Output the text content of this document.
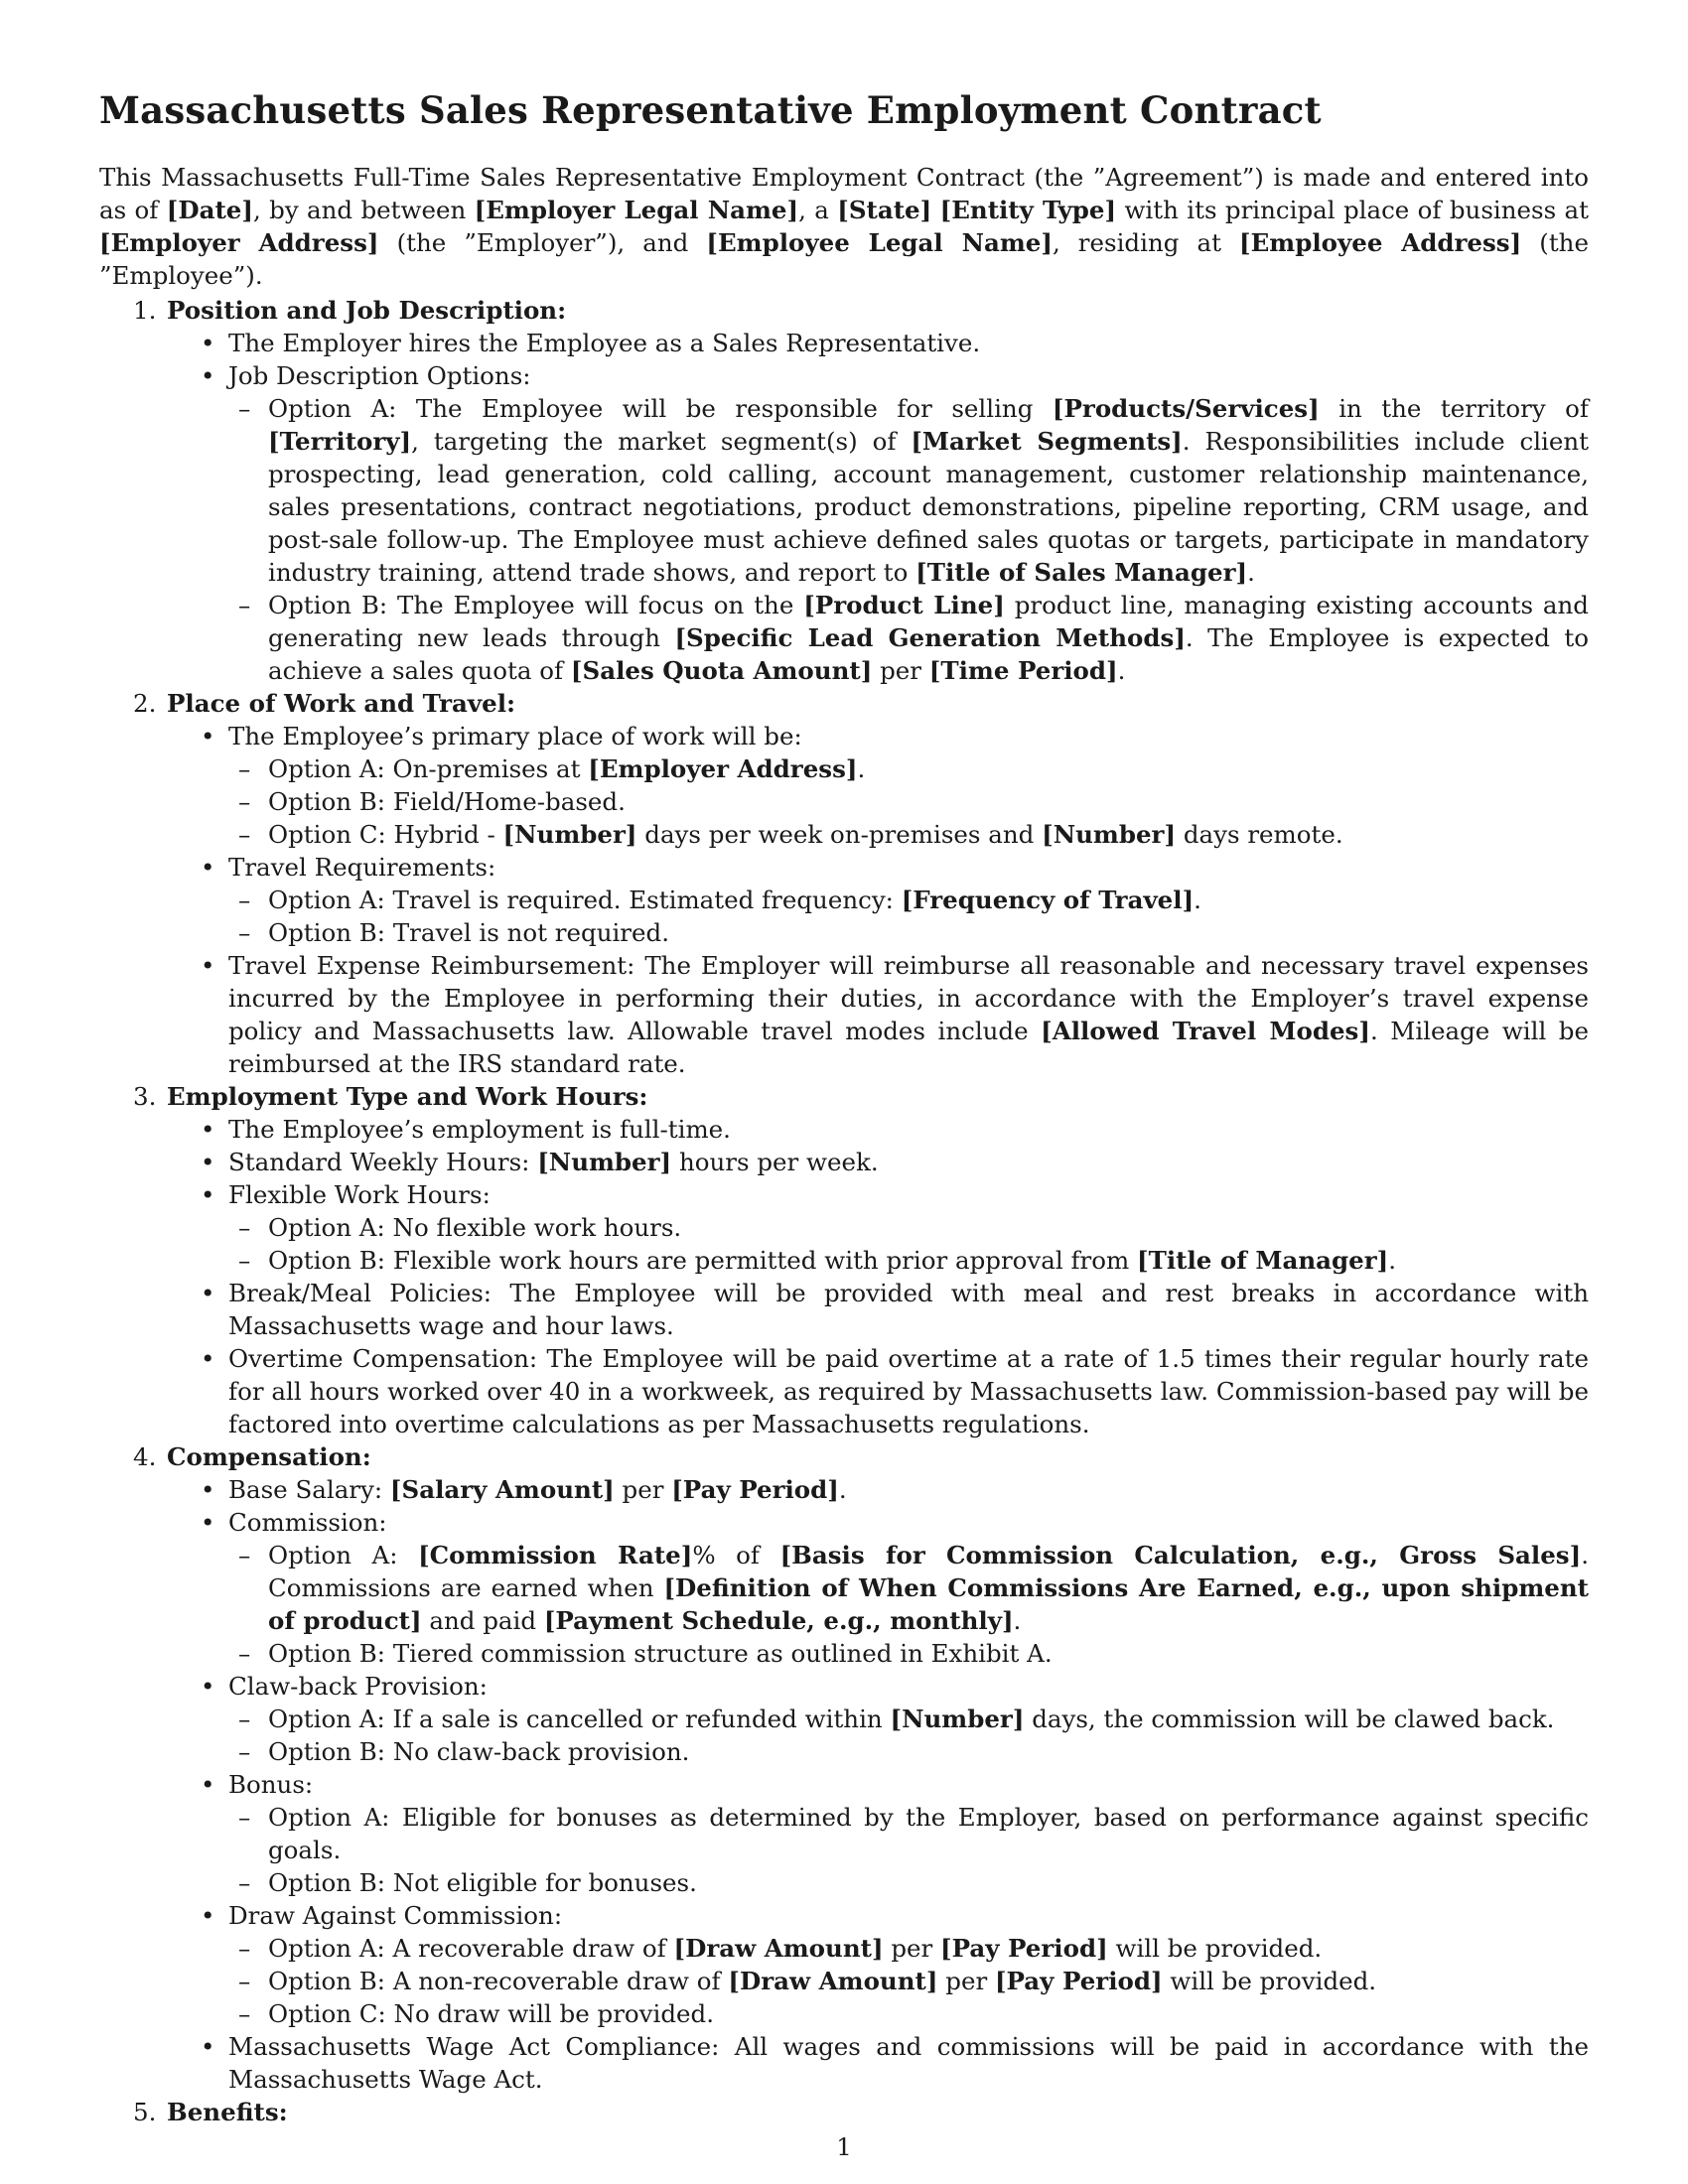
Massachusetts Sales Representative Employment Contract

This Massachusetts Full-Time Sales Representative Employment Contract (the ”Agreement”) is made and entered into as of [Date], by and between [Employer Legal Name], a [State] [Entity Type] with its principal place of business at [Employer Address] (the ”Employer”), and [Employee Legal Name], residing at [Employee Address] (the ”Employee”).

1. Position and Job Description:
• The Employer hires the Employee as a Sales Representative.
• Job Description Options:
– Option A: The Employee will be responsible for selling [Products/Services] in the territory of [Territory], targeting the market segment(s) of [Market Segments]. Responsibilities include client prospecting, lead generation, cold calling, account management, customer relationship maintenance, sales presentations, contract negotiations, product demonstrations, pipeline reporting, CRM usage, and post-sale follow-up. The Employee must achieve defined sales quotas or targets, participate in mandatory industry training, attend trade shows, and report to [Title of Sales Manager].
– Option B: The Employee will focus on the [Product Line] product line, managing existing accounts and generating new leads through [Specific Lead Generation Methods]. The Employee is expected to achieve a sales quota of [Sales Quota Amount] per [Time Period].
2. Place of Work and Travel:
• The Employee’s primary place of work will be:
– Option A: On-premises at [Employer Address].
– Option B: Field/Home-based.
– Option C: Hybrid - [Number] days per week on-premises and [Number] days remote.
• Travel Requirements:
– Option A: Travel is required. Estimated frequency: [Frequency of Travel].
– Option B: Travel is not required.
• Travel Expense Reimbursement: The Employer will reimburse all reasonable and necessary travel expenses incurred by the Employee in performing their duties, in accordance with the Employer’s travel expense policy and Massachusetts law. Allowable travel modes include [Allowed Travel Modes]. Mileage will be reimbursed at the IRS standard rate.
3. Employment Type and Work Hours:
• The Employee’s employment is full-time.
• Standard Weekly Hours: [Number] hours per week.
• Flexible Work Hours:
– Option A: No flexible work hours.
– Option B: Flexible work hours are permitted with prior approval from [Title of Manager].
• Break/Meal Policies: The Employee will be provided with meal and rest breaks in accordance with Massachusetts wage and hour laws.
• Overtime Compensation: The Employee will be paid overtime at a rate of 1.5 times their regular hourly rate for all hours worked over 40 in a workweek, as required by Massachusetts law. Commission-based pay will be factored into overtime calculations as per Massachusetts regulations.
4. Compensation:
• Base Salary: [Salary Amount] per [Pay Period].
• Commission:
– Option A: [Commission Rate]% of [Basis for Commission Calculation, e.g., Gross Sales]. Commissions are earned when [Definition of When Commissions Are Earned, e.g., upon shipment of product] and paid [Payment Schedule, e.g., monthly].
– Option B: Tiered commission structure as outlined in Exhibit A.
• Claw-back Provision:
– Option A: If a sale is cancelled or refunded within [Number] days, the commission will be clawed back.
– Option B: No claw-back provision.
• Bonus:
– Option A: Eligible for bonuses as determined by the Employer, based on performance against specific goals.
– Option B: Not eligible for bonuses.
• Draw Against Commission:
– Option A: A recoverable draw of [Draw Amount] per [Pay Period] will be provided.
– Option B: A non-recoverable draw of [Draw Amount] per [Pay Period] will be provided.
– Option C: No draw will be provided.
• Massachusetts Wage Act Compliance: All wages and commissions will be paid in accordance with the Massachusetts Wage Act.
5. Benefits:
1
